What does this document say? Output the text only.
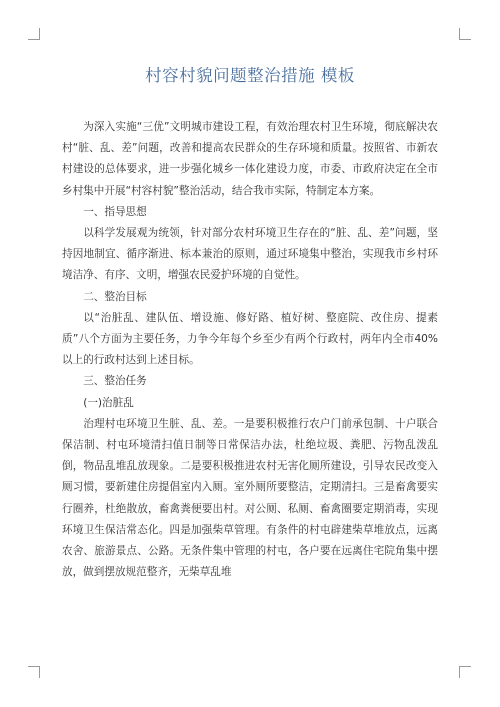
村容村貌问题整治措施 模板

为深入实施“三优”文明城市建设工程，有效治理农村卫生环境，彻底解决农村“脏、乱、差”问题，改善和提高农民群众的生存环境和质量。按照省、市新农村建设的总体要求，进一步强化城乡一体化建设力度，市委、市政府决定在全市乡村集中开展“村容村貌”整治活动，结合我市实际，特制定本方案。

一、指导思想

以科学发展观为统领，针对部分农村环境卫生存在的“脏、乱、差”问题，坚持因地制宜、循序渐进、标本兼治的原则，通过环境集中整治，实现我市乡村环境洁净、有序、文明，增强农民爱护环境的自觉性。

二、整治目标

以“治脏乱、建队伍、增设施、修好路、植好树、整庭院、改住房、提素质”八个方面为主要任务，力争今年每个乡至少有两个行政村，两年内全市40%以上的行政村达到上述目标。

三、整治任务

(一)治脏乱

治理村屯环境卫生脏、乱、差。一是要积极推行农户门前承包制、十户联合保洁制、村屯环境清扫值日制等日常保洁办法，杜绝垃圾、粪肥、污物乱泼乱倒，物品乱堆乱放现象。二是要积极推进农村无害化厕所建设，引导农民改变入厕习惯，要新建住房提倡室内入厕。室外厕所要整洁，定期清扫。三是畜禽要实行圈养，杜绝散放，畜禽粪便要出村。对公厕、私厕、畜禽圈要定期消毒，实现环境卫生保洁常态化。四是加强柴草管理。有条件的村屯辟建柴草堆放点，远离农舍、旅游景点、公路。无条件集中管理的村屯，各户要在远离住宅院角集中摆放，做到摆放规范整齐，无柴草乱堆
